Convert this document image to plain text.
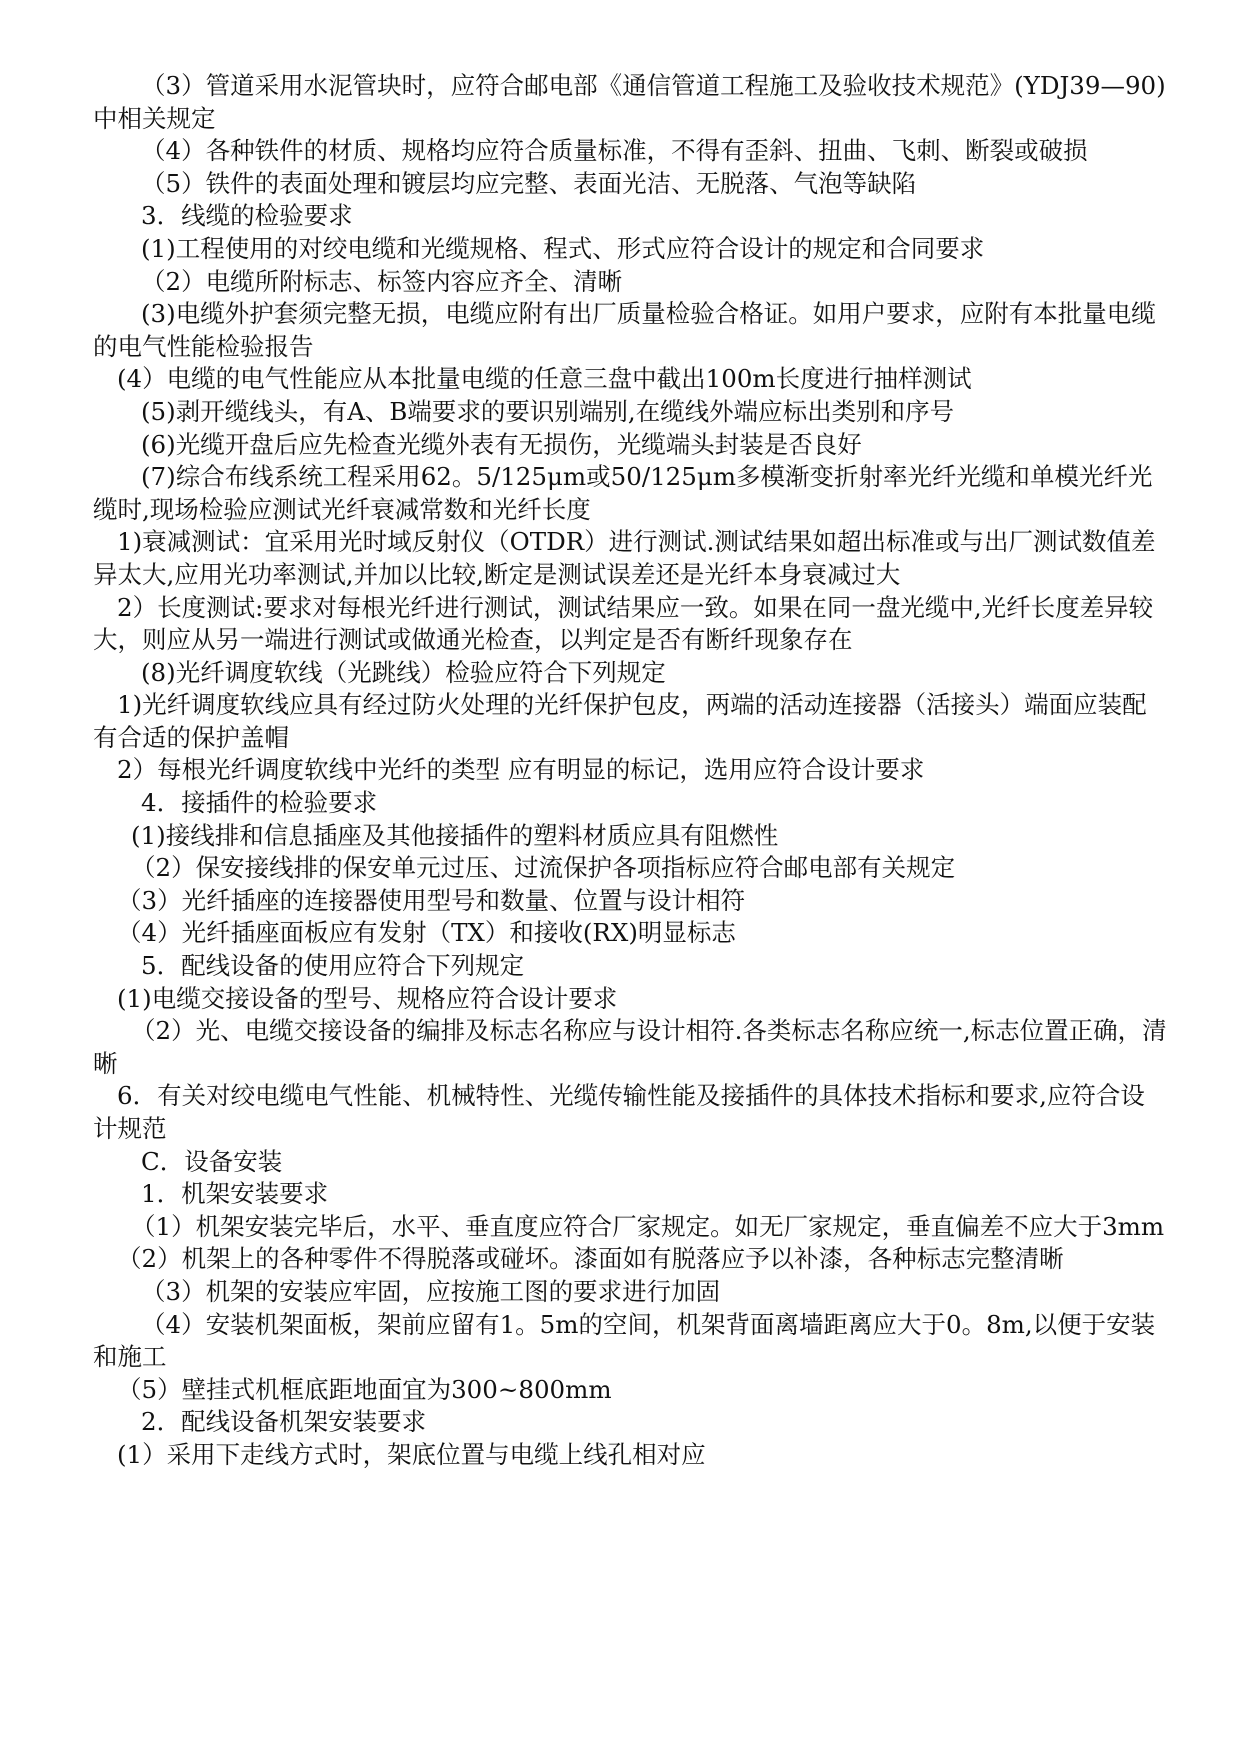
（3）管道采用水泥管块时，应符合邮电部《通信管道工程施工及验收技术规范》(YDJ39—90)中相关规定

（4）各种铁件的材质、规格均应符合质量标准，不得有歪斜、扭曲、飞刺、断裂或破损

（5）铁件的表面处理和镀层均应完整、表面光洁、无脱落、气泡等缺陷

3．线缆的检验要求

(1)工程使用的对绞电缆和光缆规格、程式、形式应符合设计的规定和合同要求

（2）电缆所附标志、标签内容应齐全、清晰

(3)电缆外护套须完整无损，电缆应附有出厂质量检验合格证。如用户要求，应附有本批量电缆的电气性能检验报告

(4）电缆的电气性能应从本批量电缆的任意三盘中截出100m长度进行抽样测试

(5)剥开缆线头，有A、B端要求的要识别端别,在缆线外端应标出类别和序号

(6)光缆开盘后应先检查光缆外表有无损伤，光缆端头封装是否良好

(7)综合布线系统工程采用62。5/125μm或50/125μm多模渐变折射率光纤光缆和单模光纤光缆时,现场检验应测试光纤衰减常数和光纤长度

1)衰减测试：宜采用光时域反射仪（OTDR）进行测试.测试结果如超出标准或与出厂测试数值差异太大,应用光功率测试,并加以比较,断定是测试误差还是光纤本身衰减过大

2）长度测试:要求对每根光纤进行测试，测试结果应一致。如果在同一盘光缆中,光纤长度差异较大，则应从另一端进行测试或做通光检查，以判定是否有断纤现象存在

(8)光纤调度软线（光跳线）检验应符合下列规定

1)光纤调度软线应具有经过防火处理的光纤保护包皮，两端的活动连接器（活接头）端面应装配有合适的保护盖帽

2）每根光纤调度软线中光纤的类型 应有明显的标记，选用应符合设计要求

4．接插件的检验要求

(1)接线排和信息插座及其他接插件的塑料材质应具有阻燃性

（2）保安接线排的保安单元过压、过流保护各项指标应符合邮电部有关规定

（3）光纤插座的连接器使用型号和数量、位置与设计相符

（4）光纤插座面板应有发射（TX）和接收(RX)明显标志

5．配线设备的使用应符合下列规定

(1)电缆交接设备的型号、规格应符合设计要求

（2）光、电缆交接设备的编排及标志名称应与设计相符.各类标志名称应统一,标志位置正确，清晰

6．有关对绞电缆电气性能、机械特性、光缆传输性能及接插件的具体技术指标和要求,应符合设计规范

C．设备安装

1．机架安装要求

（1）机架安装完毕后，水平、垂直度应符合厂家规定。如无厂家规定，垂直偏差不应大于3mm

（2）机架上的各种零件不得脱落或碰坏。漆面如有脱落应予以补漆，各种标志完整清晰

（3）机架的安装应牢固，应按施工图的要求进行加固

（4）安装机架面板，架前应留有1。5m的空间，机架背面离墙距离应大于0。8m,以便于安装和施工

（5）壁挂式机框底距地面宜为300~800mm

2．配线设备机架安装要求

(1）采用下走线方式时，架底位置与电缆上线孔相对应
